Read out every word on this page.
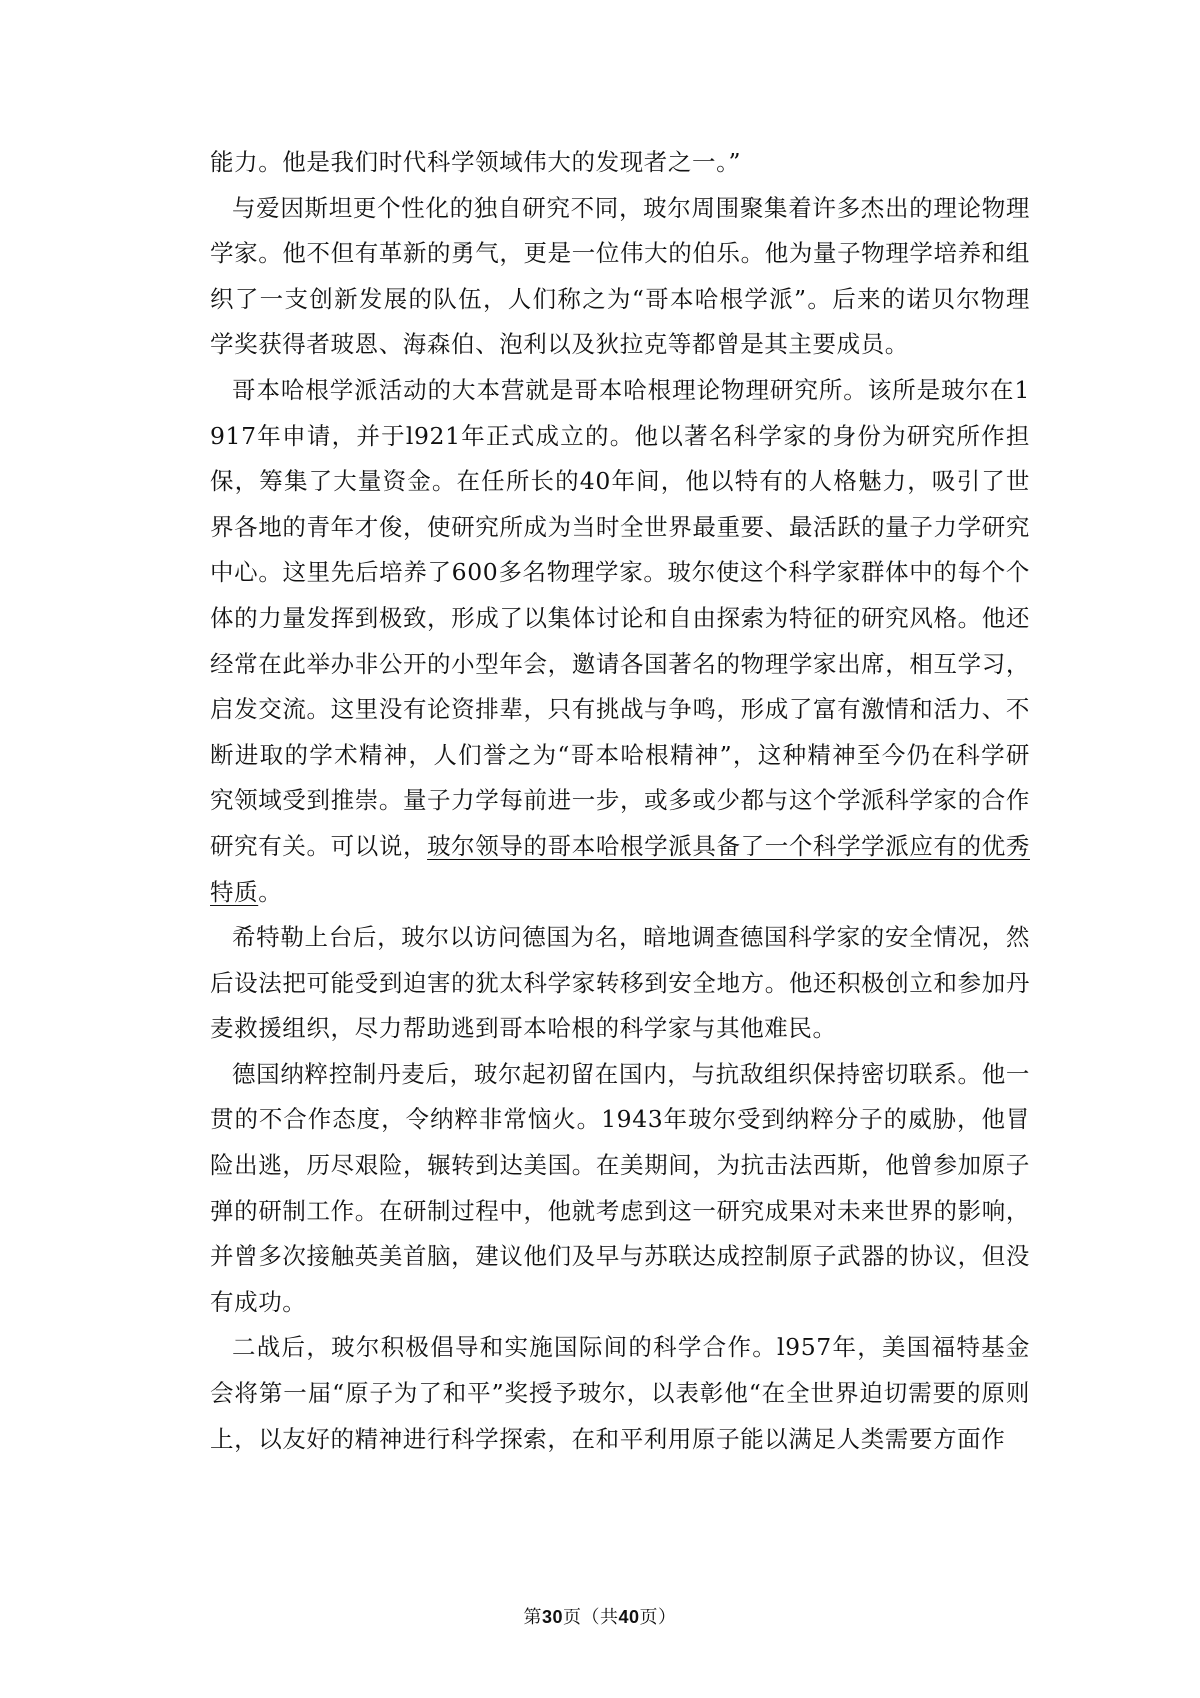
能力。他是我们时代科学领域伟大的发现者之一。”

与爱因斯坦更个性化的独自研究不同，玻尔周围聚集着许多杰出的理论物理学家。他不但有革新的勇气，更是一位伟大的伯乐。他为量子物理学培养和组织了一支创新发展的队伍，人们称之为“哥本哈根学派”。后来的诺贝尔物理学奖获得者玻恩、海森伯、泡利以及狄拉克等都曾是其主要成员。

哥本哈根学派活动的大本营就是哥本哈根理论物理研究所。该所是玻尔在1917年申请，并于l921年正式成立的。他以著名科学家的身份为研究所作担保，筹集了大量资金。在任所长的40年间，他以特有的人格魅力，吸引了世界各地的青年才俊，使研究所成为当时全世界最重要、最活跃的量子力学研究中心。这里先后培养了600多名物理学家。玻尔使这个科学家群体中的每个个体的力量发挥到极致，形成了以集体讨论和自由探索为特征的研究风格。他还经常在此举办非公开的小型年会，邀请各国著名的物理学家出席，相互学习，启发交流。这里没有论资排辈，只有挑战与争鸣，形成了富有激情和活力、不断进取的学术精神，人们誉之为“哥本哈根精神”，这种精神至今仍在科学研究领域受到推崇。量子力学每前进一步，或多或少都与这个学派科学家的合作研究有关。可以说，玻尔领导的哥本哈根学派具备了一个科学学派应有的优秀特质。

希特勒上台后，玻尔以访问德国为名，暗地调查德国科学家的安全情况，然后设法把可能受到迫害的犹太科学家转移到安全地方。他还积极创立和参加丹麦救援组织，尽力帮助逃到哥本哈根的科学家与其他难民。

德国纳粹控制丹麦后，玻尔起初留在国内，与抗敌组织保持密切联系。他一贯的不合作态度，令纳粹非常恼火。1943年玻尔受到纳粹分子的威胁，他冒险出逃，历尽艰险，辗转到达美国。在美期间，为抗击法西斯，他曾参加原子弹的研制工作。在研制过程中，他就考虑到这一研究成果对未来世界的影响，并曾多次接触英美首脑，建议他们及早与苏联达成控制原子武器的协议，但没有成功。

二战后，玻尔积极倡导和实施国际间的科学合作。l957年，美国福特基金会将第一届“原子为了和平”奖授予玻尔，以表彰他“在全世界迫切需要的原则上，以友好的精神进行科学探索，在和平利用原子能以满足人类需要方面作

第30页（共40页）
